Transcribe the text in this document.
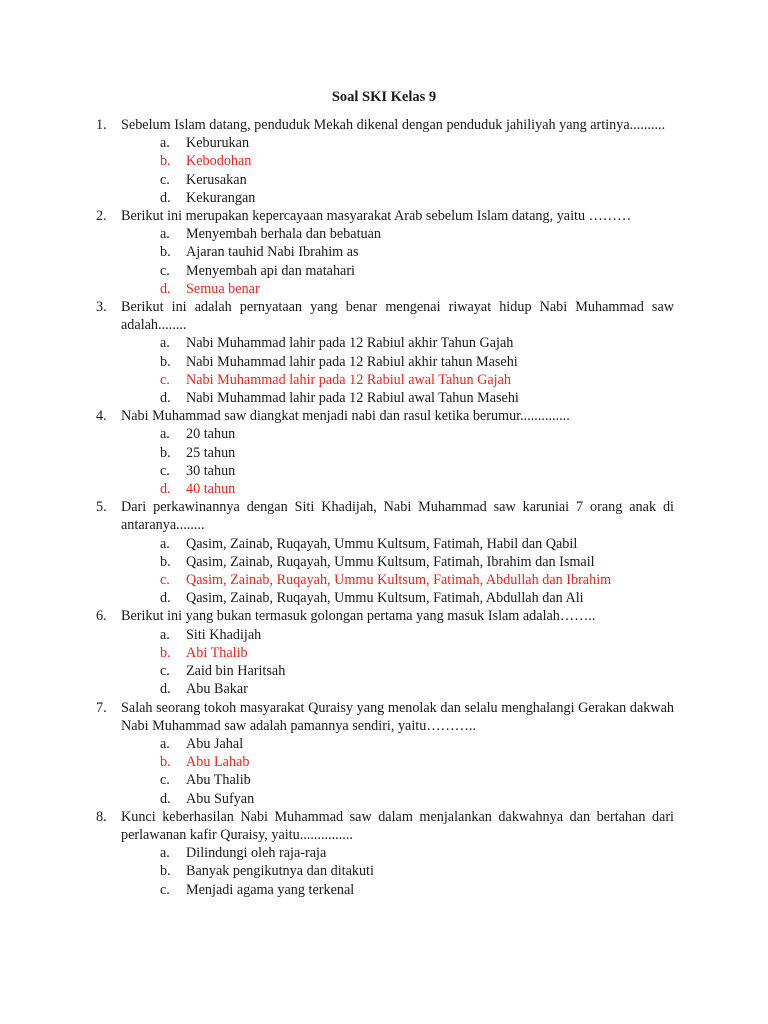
Soal SKI Kelas 9
1.	Sebelum Islam datang, penduduk Mekah dikenal dengan penduduk jahiliyah yang artinya..........
a. Keburukan
b. Kebodohan
c. Kerusakan
d. Kekurangan
2.	Berikut ini merupakan kepercayaan masyarakat Arab sebelum Islam datang, yaitu ………
a. Menyembah berhala dan bebatuan
b. Ajaran tauhid Nabi Ibrahim as
c. Menyembah api dan matahari
d. Semua benar
3.	Berikut ini adalah pernyataan yang benar mengenai riwayat hidup Nabi Muhammad saw adalah........
a. Nabi Muhammad lahir pada 12 Rabiul akhir Tahun Gajah
b. Nabi Muhammad lahir pada 12 Rabiul akhir tahun Masehi
c. Nabi Muhammad lahir pada 12 Rabiul awal Tahun Gajah
d. Nabi Muhammad lahir pada 12 Rabiul awal Tahun Masehi
4.	Nabi Muhammad saw diangkat menjadi nabi dan rasul ketika berumur..............
a. 20 tahun
b. 25 tahun
c. 30 tahun
d. 40 tahun
5.	Dari perkawinannya dengan Siti Khadijah, Nabi Muhammad saw karuniai 7 orang anak di antaranya........
a. Qasim, Zainab, Ruqayah, Ummu Kultsum, Fatimah, Habil dan Qabil
b. Qasim, Zainab, Ruqayah, Ummu Kultsum, Fatimah, Ibrahim dan Ismail
c. Qasim, Zainab, Ruqayah, Ummu Kultsum, Fatimah, Abdullah dan Ibrahim
d. Qasim, Zainab, Ruqayah, Ummu Kultsum, Fatimah, Abdullah dan Ali
6.	Berikut ini yang bukan termasuk golongan pertama yang masuk Islam adalah……..
a. Siti Khadijah
b. Abi Thalib
c. Zaid bin Haritsah
d. Abu Bakar
7.	Salah seorang tokoh masyarakat Quraisy yang menolak dan selalu menghalangi Gerakan dakwah Nabi Muhammad saw adalah pamannya sendiri, yaitu………..
a. Abu Jahal
b. Abu Lahab
c. Abu Thalib
d. Abu Sufyan
8.	Kunci keberhasilan Nabi Muhammad saw dalam menjalankan dakwahnya dan bertahan dari perlawanan kafir Quraisy, yaitu...............
a. Dilindungi oleh raja-raja
b. Banyak pengikutnya dan ditakuti
c. Menjadi agama yang terkenal
